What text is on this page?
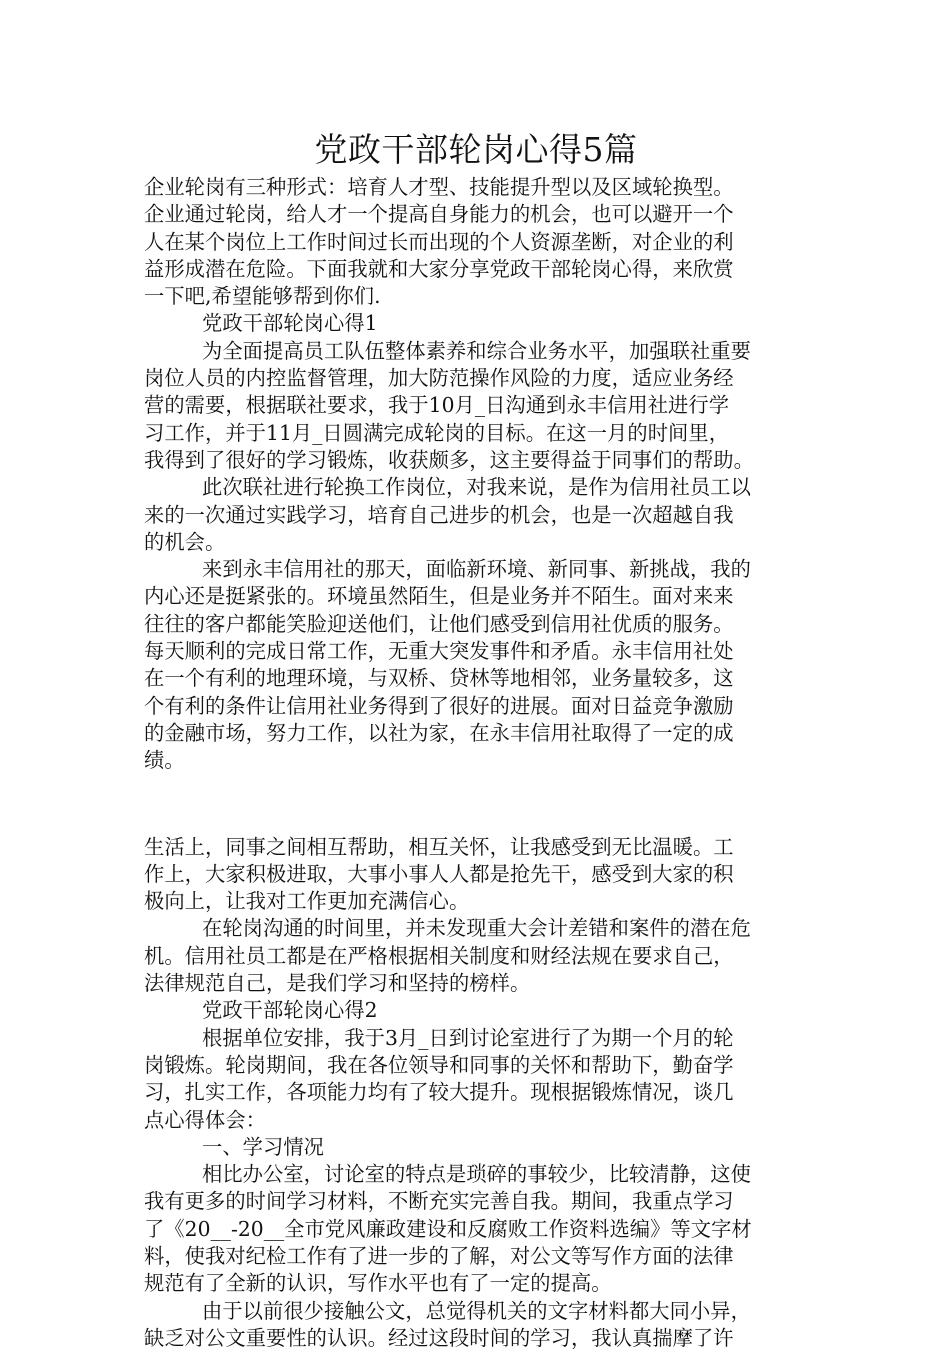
党政干部轮岗心得5篇

企业轮岗有三种形式：培育人才型、技能提升型以及区域轮换型。

企业通过轮岗，给人才一个提高自身能力的机会，也可以避开一个

人在某个岗位上工作时间过长而出现的个人资源垄断，对企业的利

益形成潜在危险。下面我就和大家分享党政干部轮岗心得，来欣赏

一下吧,希望能够帮到你们.

党政干部轮岗心得1

为全面提高员工队伍整体素养和综合业务水平，加强联社重要

岗位人员的内控监督管理，加大防范操作风险的力度，适应业务经

营的需要，根据联社要求，我于10月_日沟通到永丰信用社进行学

习工作，并于11月_日圆满完成轮岗的目标。在这一月的时间里，

我得到了很好的学习锻炼，收获颇多，这主要得益于同事们的帮助。

此次联社进行轮换工作岗位，对我来说，是作为信用社员工以

来的一次通过实践学习，培育自己进步的机会，也是一次超越自我

的机会。

来到永丰信用社的那天，面临新环境、新同事、新挑战，我的

内心还是挺紧张的。环境虽然陌生，但是业务并不陌生。面对来来

往往的客户都能笑脸迎送他们，让他们感受到信用社优质的服务。

每天顺利的完成日常工作，无重大突发事件和矛盾。永丰信用社处

在一个有利的地理环境，与双桥、贷林等地相邻，业务量较多，这

个有利的条件让信用社业务得到了很好的进展。面对日益竞争激励

的金融市场，努力工作，以社为家，在永丰信用社取得了一定的成

绩。

生活上，同事之间相互帮助，相互关怀，让我感受到无比温暖。工

作上，大家积极进取，大事小事人人都是抢先干，感受到大家的积

极向上，让我对工作更加充满信心。

在轮岗沟通的时间里，并未发现重大会计差错和案件的潜在危

机。信用社员工都是在严格根据相关制度和财经法规在要求自己，

法律规范自己，是我们学习和坚持的榜样。

党政干部轮岗心得2

根据单位安排，我于3月_日到讨论室进行了为期一个月的轮

岗锻炼。轮岗期间，我在各位领导和同事的关怀和帮助下，勤奋学

习，扎实工作，各项能力均有了较大提升。现根据锻炼情况，谈几

点心得体会：

一、学习情况

相比办公室，讨论室的特点是琐碎的事较少，比较清静，这使

我有更多的时间学习材料，不断充实完善自我。期间，我重点学习

了《20__-20__全市党风廉政建设和反腐败工作资料选编》等文字材

料，使我对纪检工作有了进一步的了解，对公文等写作方面的法律

规范有了全新的认识，写作水平也有了一定的提高。

由于以前很少接触公文，总觉得机关的文字材料都大同小异，

缺乏对公文重要性的认识。经过这段时间的学习，我认真揣摩了许
